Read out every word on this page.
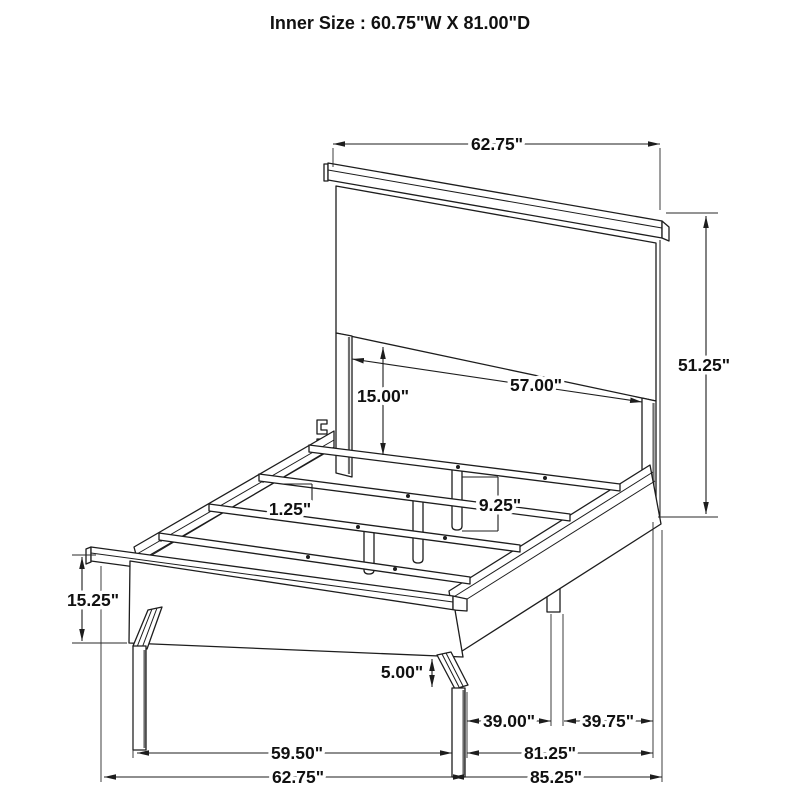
62.75"
51.25"
57.00"
15.00"
1.25"	9.25"
15.25"
5.00"
39.00"	39.75"
59.50"	81.25"
62.75"	85.25"
Inner Size : 60.75"W X 81.00"D
